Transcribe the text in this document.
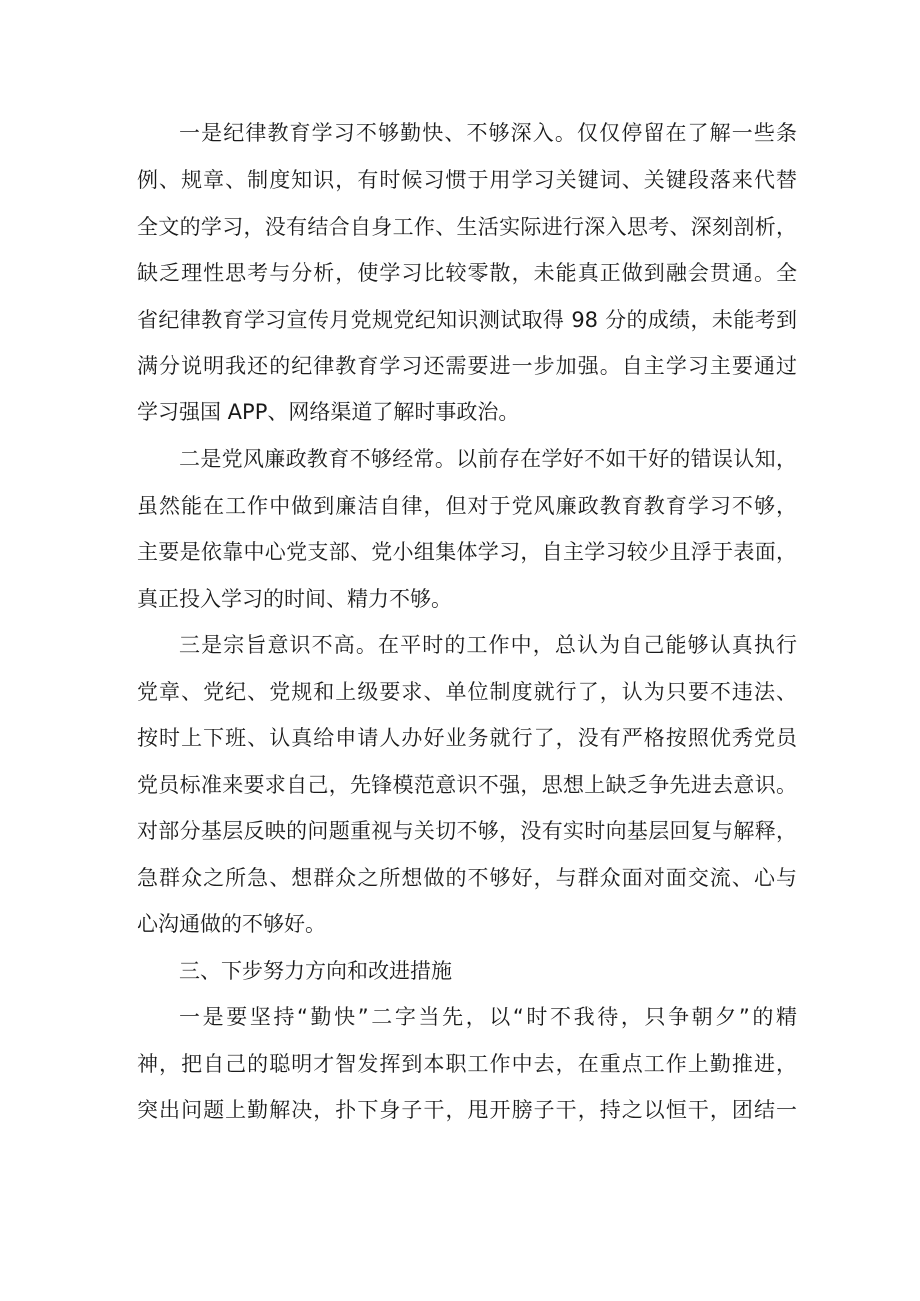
一是纪律教育学习不够勤快、不够深入。仅仅停留在了解一些条
例、规章、制度知识，有时候习惯于用学习关键词、关键段落来代替
全文的学习，没有结合自身工作、生活实际进行深入思考、深刻剖析，
缺乏理性思考与分析，使学习比较零散，未能真正做到融会贯通。全
省纪律教育学习宣传月党规党纪知识测试取得 98 分的成绩，未能考到
满分说明我还的纪律教育学习还需要进一步加强。自主学习主要通过
学习强国 APP、网络渠道了解时事政治。
二是党风廉政教育不够经常。以前存在学好不如干好的错误认知，
虽然能在工作中做到廉洁自律，但对于党风廉政教育教育学习不够，
主要是依靠中心党支部、党小组集体学习，自主学习较少且浮于表面，
真正投入学习的时间、精力不够。
三是宗旨意识不高。在平时的工作中，总认为自己能够认真执行
党章、党纪、党规和上级要求、单位制度就行了，认为只要不违法、
按时上下班、认真给申请人办好业务就行了，没有严格按照优秀党员
党员标准来要求自己，先锋模范意识不强，思想上缺乏争先进去意识。
对部分基层反映的问题重视与关切不够，没有实时向基层回复与解释，
急群众之所急、想群众之所想做的不够好，与群众面对面交流、心与
心沟通做的不够好。
三、下步努力方向和改进措施
一是要坚持“勤快”二字当先，以“时不我待，只争朝夕”的精
神，把自己的聪明才智发挥到本职工作中去，在重点工作上勤推进，
突出问题上勤解决，扑下身子干，甩开膀子干，持之以恒干，团结一
